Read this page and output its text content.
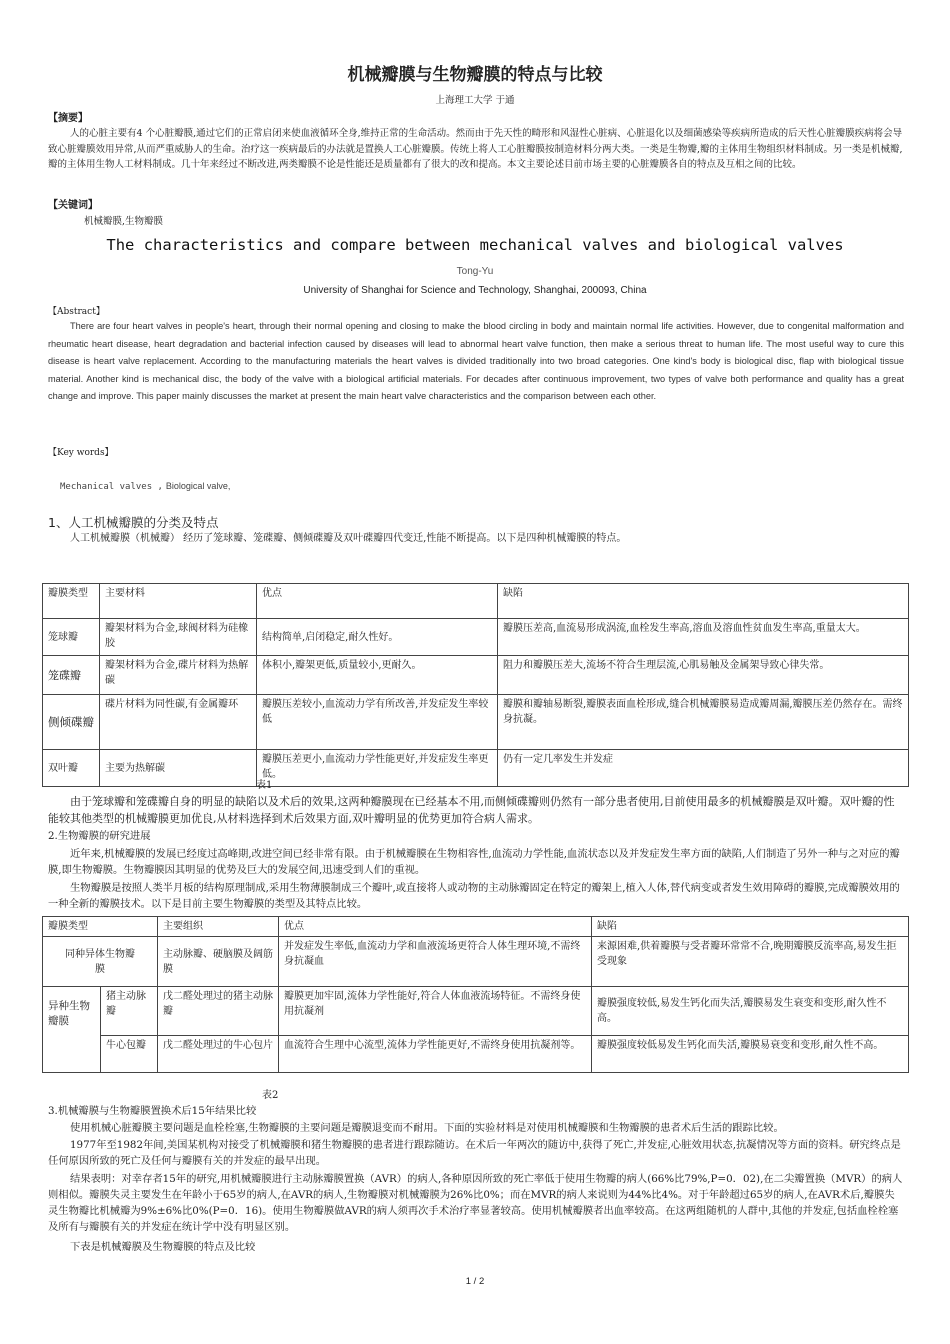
机械瓣膜与生物瓣膜的特点与比较
上海理工大学 于通
【摘要】
人的心脏主要有4 个心脏瓣膜,通过它们的正常启闭来使血液循环全身,维持正常的生命活动。然而由于先天性的畸形和风湿性心脏病、心脏退化以及细菌感染等疾病所造成的后天性心脏瓣膜疾病将会导致心脏瓣膜效用异常,从而严重威胁人的生命。治疗这一疾病最后的办法就是置换人工心脏瓣膜。传统上将人工心脏瓣膜按制造材料分两大类。一类是生物瓣,瓣的主体用生物组织材料制成。另一类是机械瓣,瓣的主体用生物人工材料制成。几十年来经过不断改进,两类瓣膜不论是性能还是质量都有了很大的改和提高。本文主要论述目前市场主要的心脏瓣膜各自的特点及互相之间的比较。
【关键词】
机械瓣膜,生物瓣膜
The characteristics and compare between mechanical valves and biological valves
Tong-Yu
University of Shanghai for Science and Technology, Shanghai, 200093, China
【Abstract】
There are four heart valves in people's heart, through their normal opening and closing to make the blood circling in body and maintain normal life activities. However, due to congenital malformation and rheumatic heart disease, heart degradation and bacterial infection caused by diseases will lead to abnormal heart valve function, then make a serious threat to human life. The most useful way to cure this disease is heart valve replacement. According to the manufacturing materials the heart valves is divided traditionally into two broad categories. One kind's body is biological disc, flap with biological tissue material. Another kind is mechanical disc, the body of the valve with a biological artificial materials. For decades after continuous improvement, two types of valve both performance and quality has a great change and improve. This paper mainly discusses the market at present the main heart valve characteristics and the comparison between each other.
【Key words】
Mechanical valves , Biological valve,
1、人工机械瓣膜的分类及特点
人工机械瓣膜（机械瓣） 经历了笼球瓣、笼碟瓣、侧倾碟瓣及双叶碟瓣四代变迁,性能不断提高。以下是四种机械瓣膜的特点。
瓣膜类型	主要材料	优点	缺陷
笼球瓣	瓣架材料为合金,球阀材料为硅橡胶	结构简单,启闭稳定,耐久性好。	瓣膜压差高,血流易形成涡流,血栓发生率高,溶血及溶血性贫血发生率高,重量太大。
笼碟瓣	瓣架材料为合金,碟片材料为热解碳	体积小,瓣架更低,质量较小,更耐久。	阻力和瓣膜压差大,流场不符合生理层流,心肌易触及金属架导致心律失常。
侧倾碟瓣	碟片材料为同性碳,有金属瓣环	瓣膜压差较小,血流动力学有所改善,并发症发生率较低	瓣膜和瓣轴易断裂,瓣膜表面血栓形成,缝合机械瓣膜易造成瓣周漏,瓣膜压差仍然存在。需终身抗凝。
双叶瓣	主要为热解碳	瓣膜压差更小,血流动力学性能更好,并发症发生率更低。	仍有一定几率发生并发症
表1
由于笼球瓣和笼碟瓣自身的明显的缺陷以及术后的效果,这两种瓣膜现在已经基本不用,而侧倾碟瓣则仍然有一部分患者使用,目前使用最多的机械瓣膜是双叶瓣。双叶瓣的性能较其他类型的机械瓣膜更加优良,从材料选择到术后效果方面,双叶瓣明显的优势更加符合病人需求。
2.生物瓣膜的研究进展
近年来,机械瓣膜的发展已经度过高峰期,改进空间已经非常有限。由于机械瓣膜在生物相容性,血流动力学性能,血流状态以及并发症发生率方面的缺陷,人们制造了另外一种与之对应的瓣膜,即生物瓣膜。生物瓣膜因其明显的优势及巨大的发展空间,迅速受到人们的重视。
生物瓣膜是按照人类半月板的结构原理制成,采用生物薄膜制成三个瓣叶,或直接将人或动物的主动脉瓣固定在特定的瓣架上,植入人体,替代病变或者发生效用障碍的瓣膜,完成瓣膜效用的一种全新的瓣膜技术。以下是目前主要生物瓣膜的类型及其特点比较。
瓣膜类型		主要组织	优点	缺陷
同种异体生物瓣膜		主动脉瓣、硬脑膜及阔筋膜	并发症发生率低,血流动力学和血液流场更符合人体生理环境,不需终身抗凝血	来源困难,供着瓣膜与受者瓣环常常不合,晚期瓣膜反流率高,易发生拒受现象
异种生物瓣膜	猪主动脉瓣	戊二醛处理过的猪主动脉瓣	瓣膜更加牢固,流体力学性能好,符合人体血液流场特征。不需终身使用抗凝剂	瓣膜强度较低,易发生钙化而失活,瓣膜易发生衰变和变形,耐久性不高。
	牛心包瓣	戊二醛处理过的牛心包片	血流符合生理中心流型,流体力学性能更好,不需终身使用抗凝剂等。	瓣膜强度较低易发生钙化而失活,瓣膜易衰变和变形,耐久性不高。
表2
3.机械瓣膜与生物瓣膜置换术后15年结果比较
使用机械心脏瓣膜主要问题是血栓栓塞,生物瓣膜的主要问题是瓣膜退变而不耐用。下面的实验材料是对使用机械瓣膜和生物瓣膜的患者术后生活的跟踪比较。
1977年至1982年间,美国某机构对接受了机械瓣膜和猪生物瓣膜的患者进行跟踪随访。在术后一年两次的随访中,获得了死亡,并发症,心脏效用状态,抗凝情况等方面的资料。研究终点是任何原因所致的死亡及任何与瓣膜有关的并发症的最早出现。
结果表明：对幸存者15年的研究,用机械瓣膜进行主动脉瓣膜置换（AVR）的病人,各种原因所致的死亡率低于使用生物瓣的病人(66%比79%,P=0．02),在二尖瓣置换（MVR）的病人则相似。瓣膜失灵主要发生在年龄小于65岁的病人,在AVR的病人,生物瓣膜对机械瓣膜为26%比0%；而在MVR的病人来说则为44%比4%。对于年龄超过65岁的病人,在AVR术后,瓣膜失灵生物瓣比机械瓣为9%±6%比0%(P=0．16)。使用生物瓣膜做AVR的病人须再次手术治疗率显著较高。使用机械瓣膜者出血率较高。在这两组随机的人群中,其他的并发症,包括血栓栓塞及所有与瓣膜有关的并发症在统计学中没有明显区别。
下表是机械瓣膜及生物瓣膜的特点及比较
1 / 2
